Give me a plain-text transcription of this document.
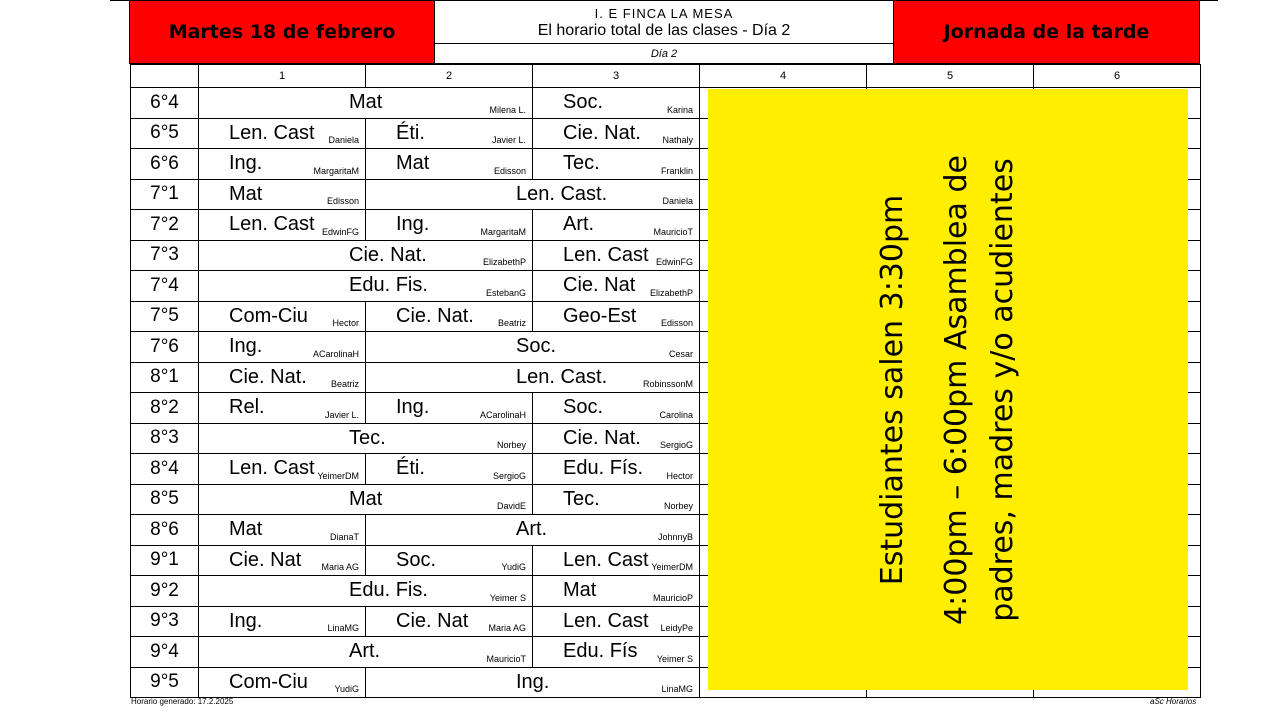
Martes 18 de febrero
I. E FINCA LA MESA
El horario total de las clases - Día 2
Día 2
Jornada de la tarde
	1	2	3	4	5	6
6°4	Mat Milena L.		Soc. Karina			

6°5	Len. Cast Daniela	Éti. Javier L.	Cie. Nat. Nathaly			

6°6	Ing. MargaritaM	Mat Edisson	Tec. Franklin			

7°1	Mat Edisson	Len. Cast. Daniela				

7°2	Len. Cast EdwinFG	Ing. MargaritaM	Art. MauricioT			

7°3	Cie. Nat. ElizabethP		Len. Cast EdwinFG			

7°4	Edu. Fis. EstebanG		Cie. Nat ElizabethP			

7°5	Com-Ciu Hector	Cie. Nat. Beatriz	Geo-Est Edisson			

7°6	Ing. ACarolinaH	Soc. Cesar				

8°1	Cie. Nat. Beatriz	Len. Cast. RobinssonM				

8°2	Rel. Javier L.	Ing. ACarolinaH	Soc. Carolina			

8°3	Tec. Norbey		Cie. Nat. SergioG			

8°4	Len. Cast YeimerDM	Éti. SergioG	Edu. Fís. Hector			

8°5	Mat DavidE		Tec. Norbey			

8°6	Mat DianaT	Art. JohnnyB				

9°1	Cie. Nat Maria AG	Soc. YudiG	Len. Cast YeimerDM			

9°2	Edu. Fis. Yeimer S		Mat MauricioP			

9°3	Ing. LinaMG	Cie. Nat Maria AG	Len. Cast LeidyPe			

9°4	Art. MauricioT		Edu. Fís Yeimer S			

9°5	Com-Ciu YudiG	Ing. LinaMG				

Estudiantes salen 3:30pm 4:00pm – 6:00pm Asamblea de padres, madres y/o acudientes
Horario generado: 17.2.2025	aSc Horarios
